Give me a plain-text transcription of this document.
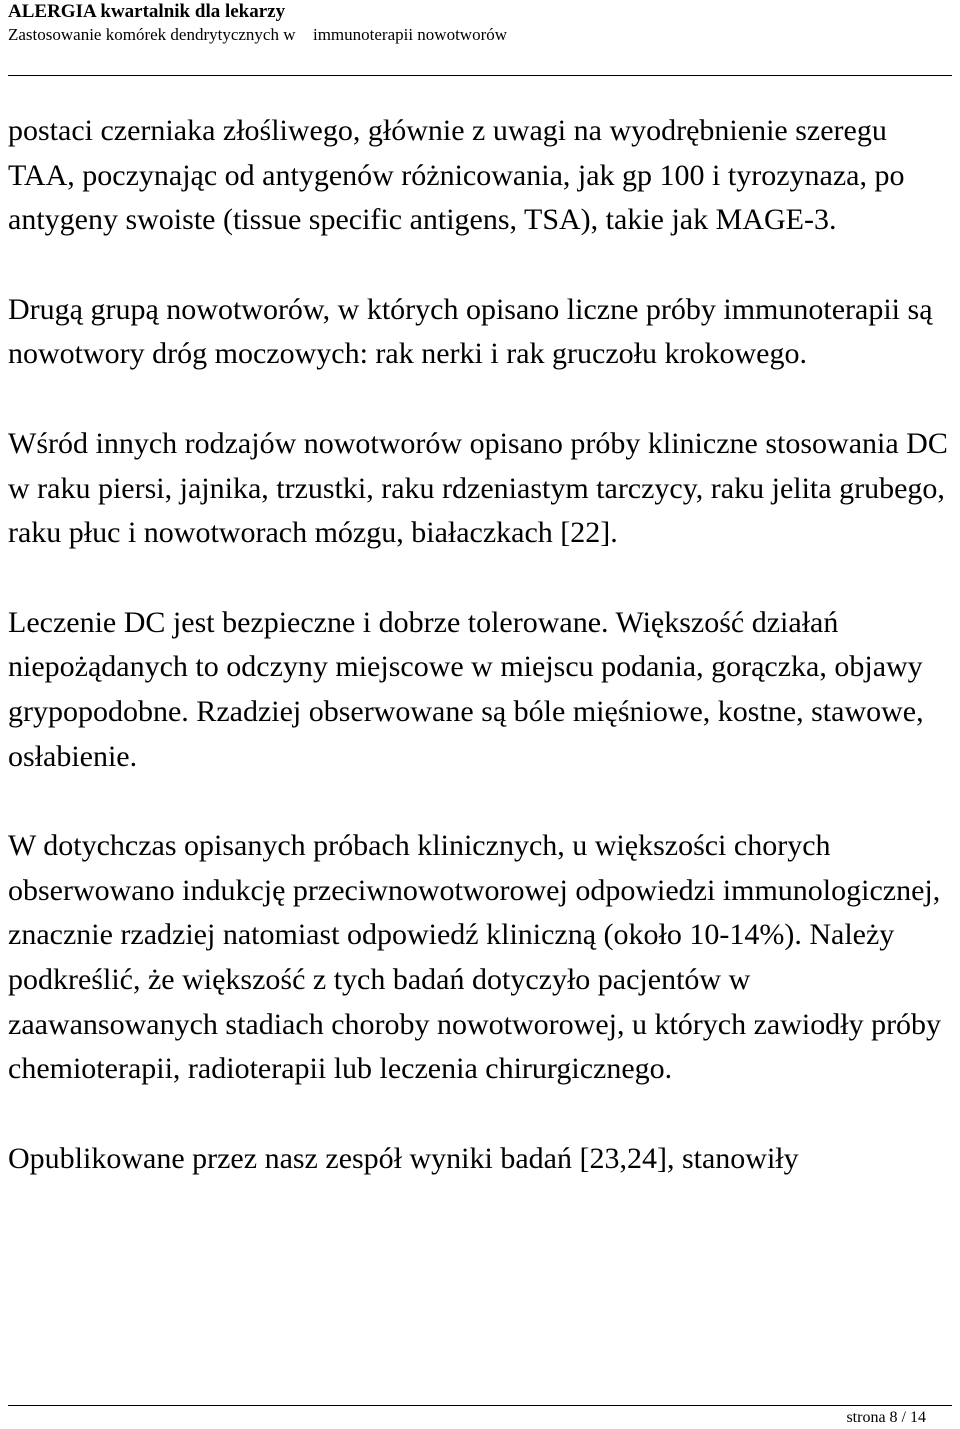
ALERGIA kwartalnik dla lekarzy
Zastosowanie komórek dendrytycznych w  immunoterapii nowotworów

postaci czerniaka złośliwego, głównie z uwagi na wyodrębnienie szeregu TAA, poczynając od antygenów różnicowania, jak gp 100 i tyrozynaza, po antygeny swoiste (tissue specific antigens, TSA), takie jak MAGE-3.

Drugą grupą nowotworów, w których opisano liczne próby immunoterapii są nowotwory dróg moczowych: rak nerki i rak gruczołu krokowego.

Wśród innych rodzajów nowotworów opisano próby kliniczne stosowania DC w raku piersi, jajnika, trzustki, raku rdzeniastym tarczycy, raku jelita grubego, raku płuc i nowotworach mózgu, białaczkach [22].

Leczenie DC jest bezpieczne i dobrze tolerowane. Większość działań niepożądanych to odczyny miejscowe w miejscu podania, gorączka, objawy grypopodobne. Rzadziej obserwowane są bóle mięśniowe, kostne, stawowe, osłabienie.

W dotychczas opisanych próbach klinicznych, u większości chorych obserwowano indukcję przeciwnowotworowej odpowiedzi immunologicznej, znacznie rzadziej natomiast odpowiedź kliniczną (około 10-14%). Należy podkreślić, że większość z tych badań dotyczyło pacjentów w zaawansowanych stadiach choroby nowotworowej, u których zawiodły próby chemioterapii, radioterapii lub leczenia chirurgicznego.

Opublikowane przez nasz zespół wyniki badań [23,24], stanowiły

strona 8 / 14
